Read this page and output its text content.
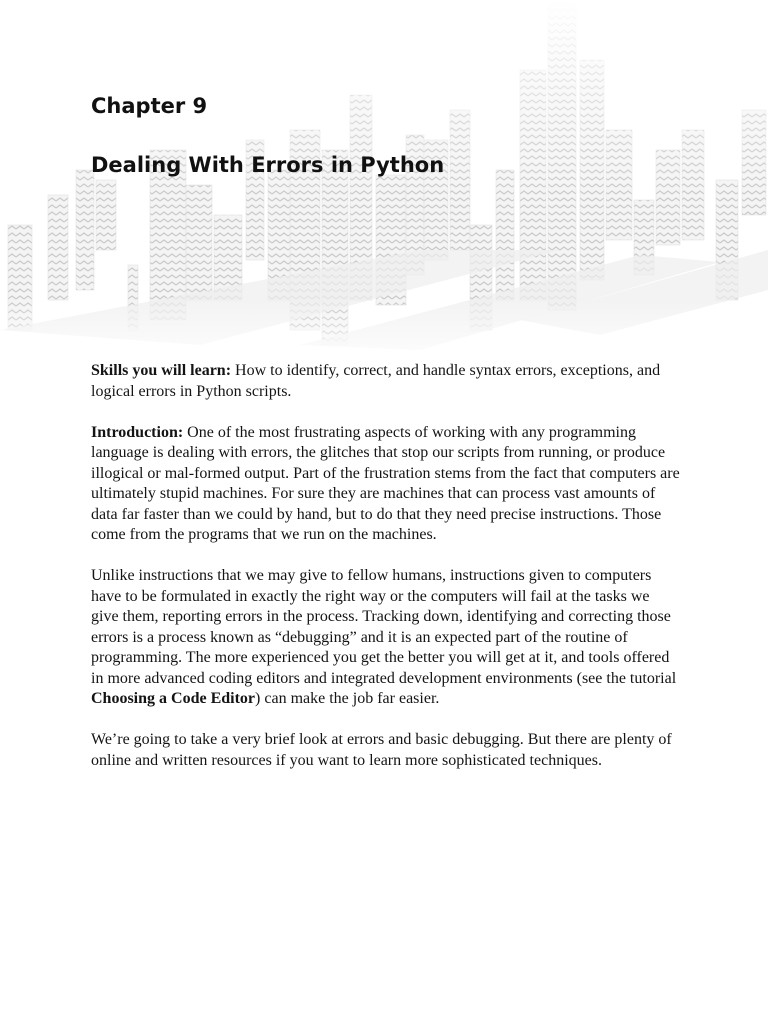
Chapter 9
Dealing With Errors in Python

Skills you will learn: How to identify, correct, and handle syntax errors, exceptions, and logical errors in Python scripts.

Introduction: One of the most frustrating aspects of working with any programming language is dealing with errors, the glitches that stop our scripts from running, or produce illogical or mal-formed output. Part of the frustration stems from the fact that computers are ultimately stupid machines. For sure they are machines that can process vast amounts of data far faster than we could by hand, but to do that they need precise instructions. Those come from the programs that we run on the machines.

Unlike instructions that we may give to fellow humans, instructions given to computers have to be formulated in exactly the right way or the computers will fail at the tasks we give them, reporting errors in the process. Tracking down, identifying and correcting those errors is a process known as “debugging” and it is an expected part of the routine of programming. The more experienced you get the better you will get at it, and tools offered in more advanced coding editors and integrated development environments (see the tutorial Choosing a Code Editor) can make the job far easier.

We’re going to take a very brief look at errors and basic debugging. But there are plenty of online and written resources if you want to learn more sophisticated techniques.
